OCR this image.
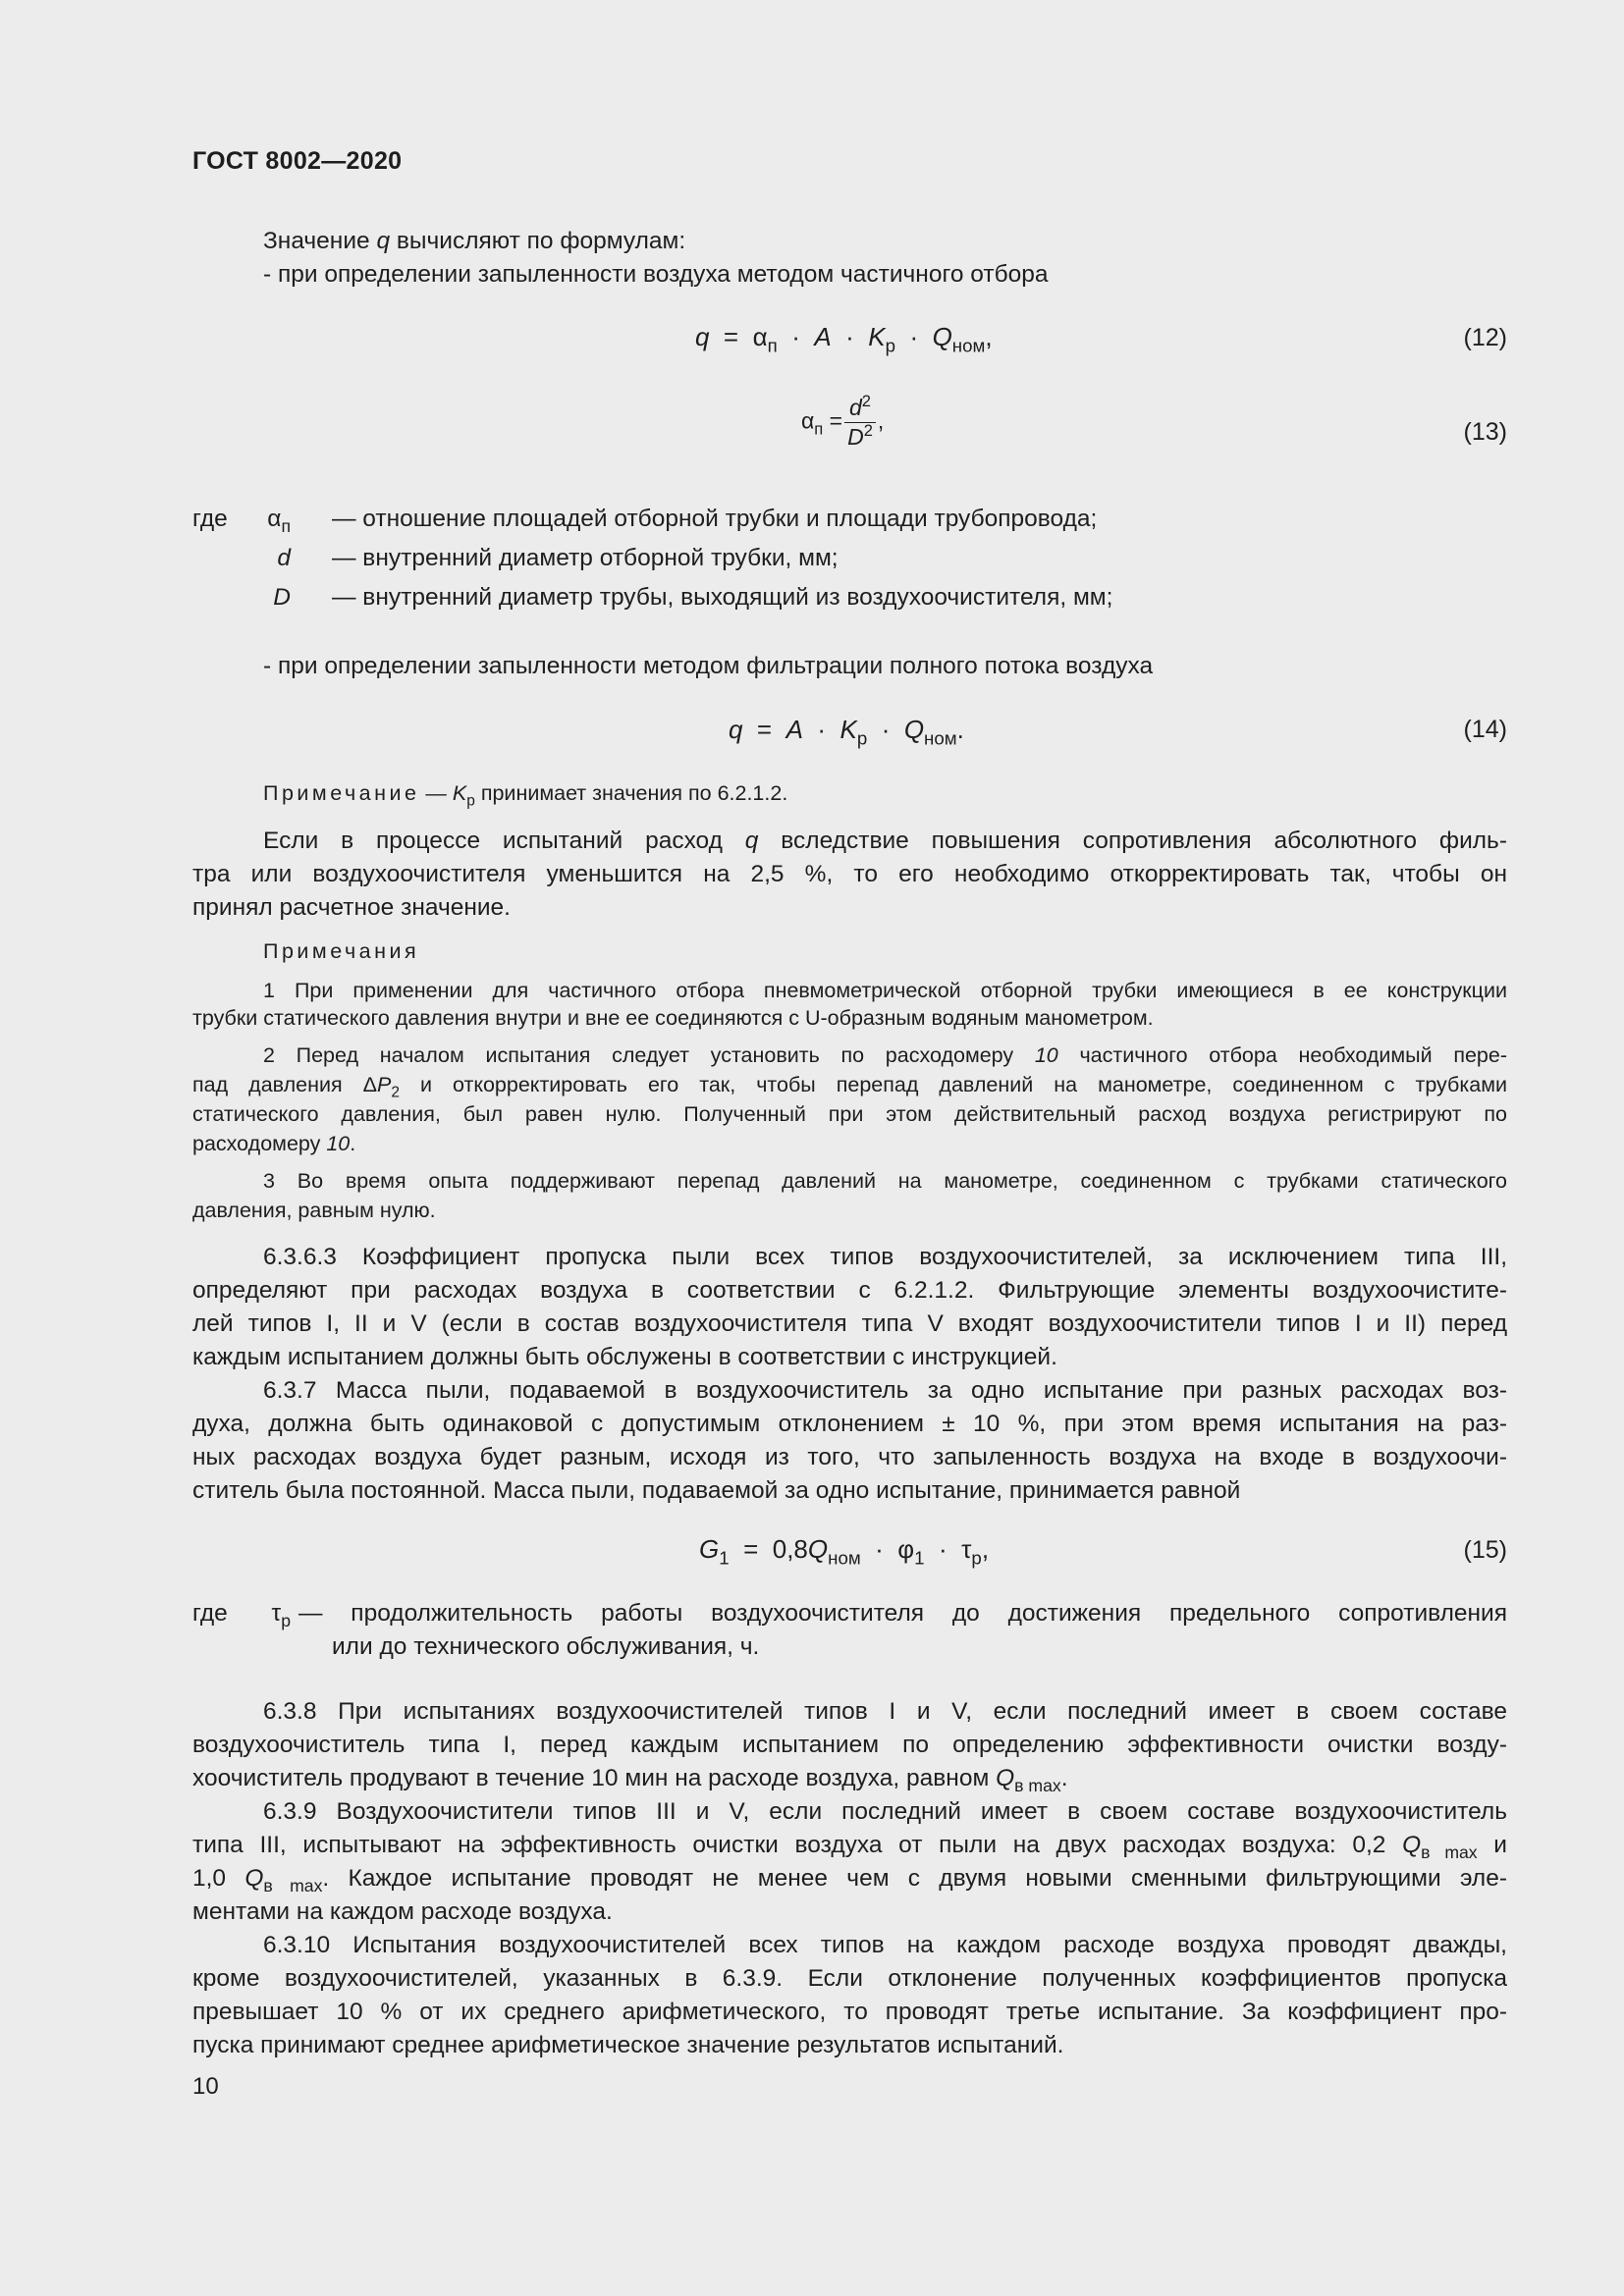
ГОСТ 8002—2020
Значение q вычисляют по формулам:
- при определении запыленности воздуха методом частичного отбора
$q = \alpha_п \cdot A \cdot K_р \cdot Q_{ном}$,	(12)
$\alpha_п = \frac{d^2}{D^2}$ ,	(13)
где	$\alpha_п$ — отношение площадей отборной трубки и площади трубопровода;
d — внутренний диаметр отборной трубки, мм;
D — внутренний диаметр трубы, выходящий из воздухоочистителя, мм;
- при определении запыленности методом фильтрации полного потока воздуха
$q = A \cdot K_р \cdot Q_{ном}$.	(14)
Примечание — $K_р$ принимает значения по 6.2.1.2.
Если в процессе испытаний расход q вследствие повышения сопротивления абсолютного филь-
тра или воздухоочистителя уменьшится на 2,5 %, то его необходимо откорректировать так, чтобы он
принял расчетное значение.
Примечания
1 При применении для частичного отбора пневмометрической отборной трубки имеющиеся в ее конструкции
трубки статического давления внутри и вне ее соединяются с U-образным водяным манометром.
2 Перед началом испытания следует установить по расходомеру 10 частичного отбора необходимый пере-
пад давления $\Delta P_2$ и откорректировать его так, чтобы перепад давлений на манометре, соединенном с трубками
статического давления, был равен нулю. Полученный при этом действительный расход воздуха регистрируют по
расходомеру 10.
3 Во время опыта поддерживают перепад давлений на манометре, соединенном с трубками статического
давления, равным нулю.
6.3.6.3 Коэффициент пропуска пыли всех типов воздухоочистителей, за исключением типа III,
определяют при расходах воздуха в соответствии с 6.2.1.2. Фильтрующие элементы воздухоочистите-
лей типов I, II и V (если в состав воздухоочистителя типа V входят воздухоочистители типов I и II) перед
каждым испытанием должны быть обслужены в соответствии с инструкцией.
6.3.7 Масса пыли, подаваемой в воздухоочиститель за одно испытание при разных расходах воз-
духа, должна быть одинаковой с допустимым отклонением ± 10 %, при этом время испытания на раз-
ных расходах воздуха будет разным, исходя из того, что запыленность воздуха на входе в воздухоочи-
ститель была постоянной. Масса пыли, подаваемой за одно испытание, принимается равной
$G_1 = 0,8Q_{ном} \cdot \varphi_1 \cdot \tau_р$,	(15)
где	$\tau_р$ — продолжительность работы воздухоочистителя до достижения предельного сопротивления
или до технического обслуживания, ч.
6.3.8 При испытаниях воздухоочистителей типов I и V, если последний имеет в своем составе
воздухоочиститель типа I, перед каждым испытанием по определению эффективности очистки возду-
хоочиститель продувают в течение 10 мин на расходе воздуха, равном $Q_{в max}$.
6.3.9 Воздухоочистители типов III и V, если последний имеет в своем составе воздухоочиститель
типа III, испытывают на эффективность очистки воздуха от пыли на двух расходах воздуха: 0,2 $Q_{в max}$ и
1,0 $Q_{в max}$. Каждое испытание проводят не менее чем с двумя новыми сменными фильтрующими эле-
ментами на каждом расходе воздуха.
6.3.10 Испытания воздухоочистителей всех типов на каждом расходе воздуха проводят дважды,
кроме воздухоочистителей, указанных в 6.3.9. Если отклонение полученных коэффициентов пропуска
превышает 10 % от их среднего арифметического, то проводят третье испытание. За коэффициент про-
пуска принимают среднее арифметическое значение результатов испытаний.
10
